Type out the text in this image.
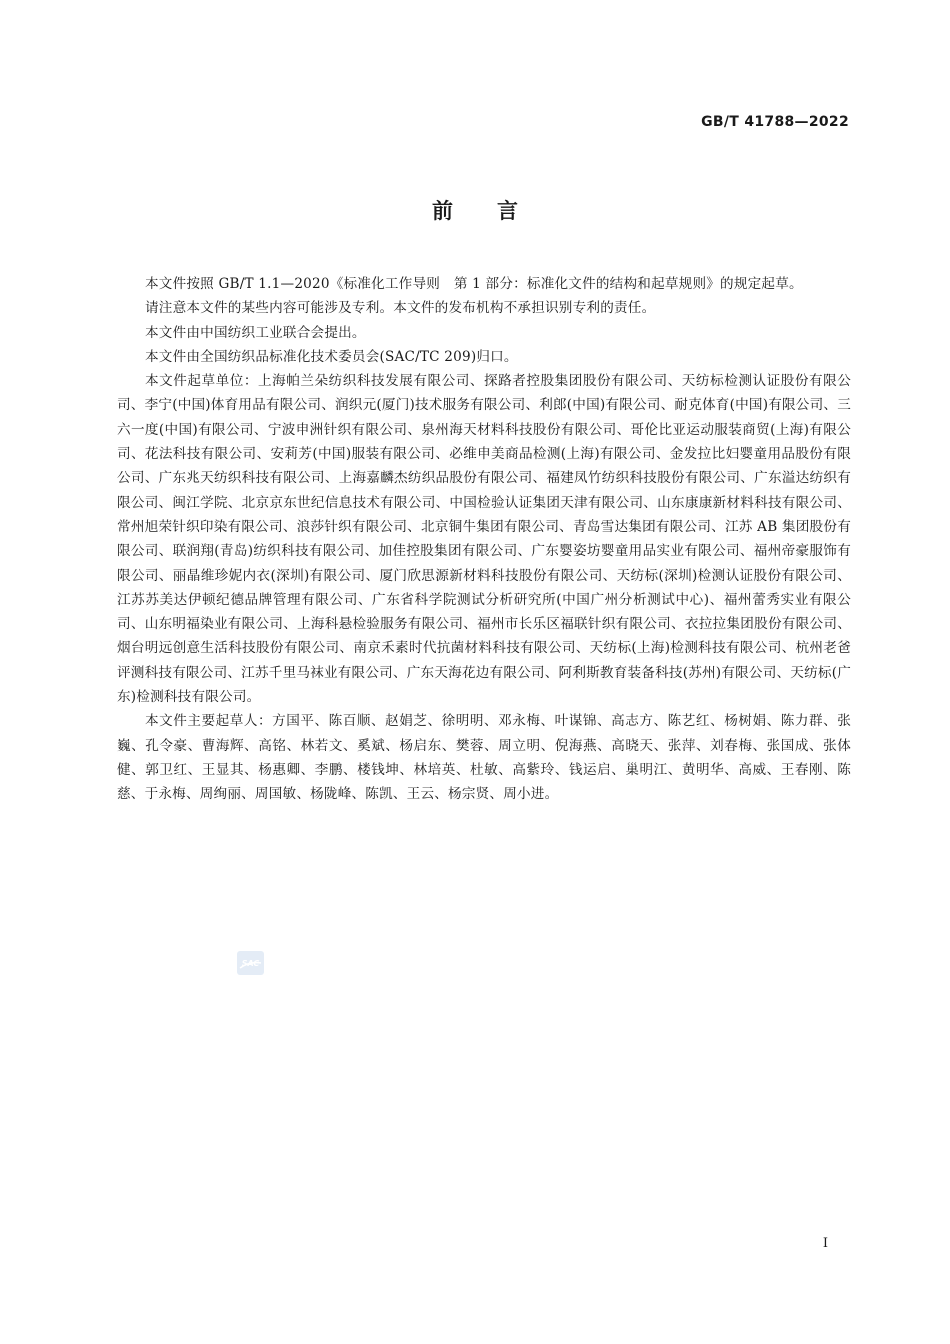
GB/T 41788—2022
前言

本文件按照 GB/T 1.1—2020《标准化工作导则　第 1 部分：标准化文件的结构和起草规则》的规定起草。

请注意本文件的某些内容可能涉及专利。本文件的发布机构不承担识别专利的责任。

本文件由中国纺织工业联合会提出。

本文件由全国纺织品标准化技术委员会(SAC/TC 209)归口。

本文件起草单位：上海帕兰朵纺织科技发展有限公司、探路者控股集团股份有限公司、天纺标检测认证股份有限公司、李宁(中国)体育用品有限公司、润织元(厦门)技术服务有限公司、利郎(中国)有限公司、耐克体育(中国)有限公司、三六一度(中国)有限公司、宁波申洲针织有限公司、泉州海天材料科技股份有限公司、哥伦比亚运动服装商贸(上海)有限公司、花法科技有限公司、安莉芳(中国)服装有限公司、必维申美商品检测(上海)有限公司、金发拉比妇婴童用品股份有限公司、广东兆天纺织科技有限公司、上海嘉麟杰纺织品股份有限公司、福建凤竹纺织科技股份有限公司、广东溢达纺织有限公司、闽江学院、北京京东世纪信息技术有限公司、中国检验认证集团天津有限公司、山东康康新材料科技有限公司、常州旭荣针织印染有限公司、浪莎针织有限公司、北京铜牛集团有限公司、青岛雪达集团有限公司、江苏 AB 集团股份有限公司、联润翔(青岛)纺织科技有限公司、加佳控股集团有限公司、广东婴姿坊婴童用品实业有限公司、福州帝豪服饰有限公司、丽晶维珍妮内衣(深圳)有限公司、厦门欣思源新材料科技股份有限公司、天纺标(深圳)检测认证股份有限公司、江苏苏美达伊顿纪德品牌管理有限公司、广东省科学院测试分析研究所(中国广州分析测试中心)、福州蕾秀实业有限公司、山东明福染业有限公司、上海科悬检验服务有限公司、福州市长乐区福联针织有限公司、衣拉拉集团股份有限公司、烟台明远创意生活科技股份有限公司、南京禾素时代抗菌材料科技有限公司、天纺标(上海)检测科技有限公司、杭州老爸评测科技有限公司、江苏千里马袜业有限公司、广东天海花边有限公司、阿利斯教育装备科技(苏州)有限公司、天纺标(广东)检测科技有限公司。

本文件主要起草人：方国平、陈百顺、赵娟芝、徐明明、邓永梅、叶谋锦、高志方、陈艺红、杨树娟、陈力群、张巍、孔令豪、曹海辉、高铭、林若文、奚斌、杨启东、樊蓉、周立明、倪海燕、高晓天、张萍、刘春梅、张国成、张体健、郭卫红、王显其、杨惠卿、李鹏、楼钱坤、林培英、杜敏、高紫玲、钱运启、巢明江、黄明华、高威、王春刚、陈慈、于永梅、周绚丽、周国敏、杨陇峰、陈凯、王云、杨宗贤、周小进。

SAC
I
